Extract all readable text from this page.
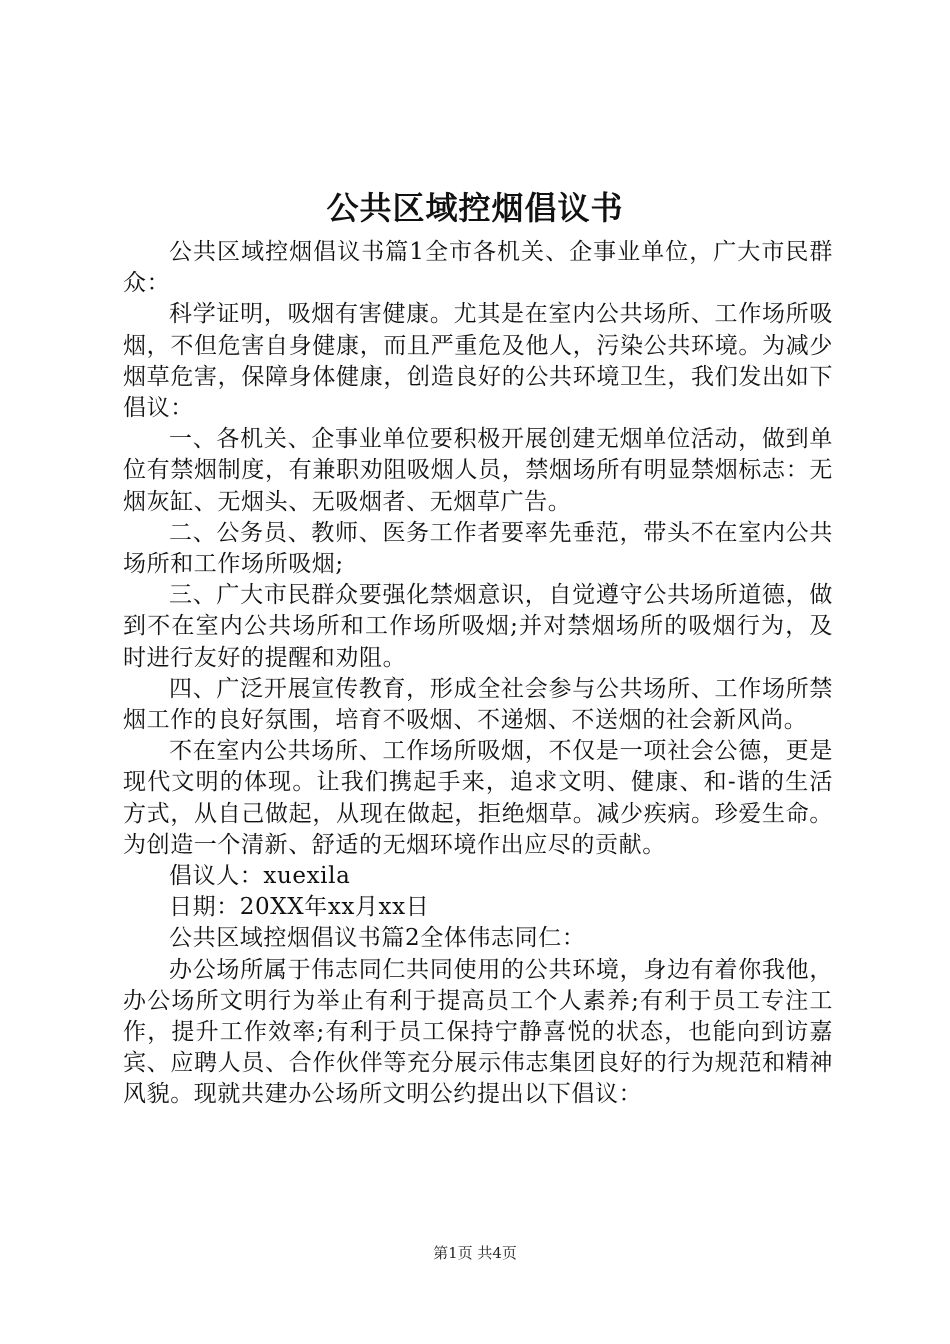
公共区域控烟倡议书

公共区域控烟倡议书篇1全市各机关、企事业单位，广大市民群众：

科学证明，吸烟有害健康。尤其是在室内公共场所、工作场所吸烟，不但危害自身健康，而且严重危及他人，污染公共环境。为减少烟草危害，保障身体健康，创造良好的公共环境卫生，我们发出如下倡议：

一、各机关、企事业单位要积极开展创建无烟单位活动，做到单位有禁烟制度，有兼职劝阻吸烟人员，禁烟场所有明显禁烟标志：无烟灰缸、无烟头、无吸烟者、无烟草广告。

二、公务员、教师、医务工作者要率先垂范，带头不在室内公共场所和工作场所吸烟;

三、广大市民群众要强化禁烟意识，自觉遵守公共场所道德，做到不在室内公共场所和工作场所吸烟;并对禁烟场所的吸烟行为，及时进行友好的提醒和劝阻。

四、广泛开展宣传教育，形成全社会参与公共场所、工作场所禁烟工作的良好氛围，培育不吸烟、不递烟、不送烟的社会新风尚。

不在室内公共场所、工作场所吸烟，不仅是一项社会公德，更是现代文明的体现。让我们携起手来，追求文明、健康、和-谐的生活方式，从自己做起，从现在做起，拒绝烟草。减少疾病。珍爱生命。为创造一个清新、舒适的无烟环境作出应尽的贡献。

倡议人：xuexila

日期：20XX年xx月xx日

公共区域控烟倡议书篇2全体伟志同仁：

办公场所属于伟志同仁共同使用的公共环境，身边有着你我他，办公场所文明行为举止有利于提高员工个人素养;有利于员工专注工作，提升工作效率;有利于员工保持宁静喜悦的状态，也能向到访嘉宾、应聘人员、合作伙伴等充分展示伟志集团良好的行为规范和精神风貌。现就共建办公场所文明公约提出以下倡议：

第1页 共4页
